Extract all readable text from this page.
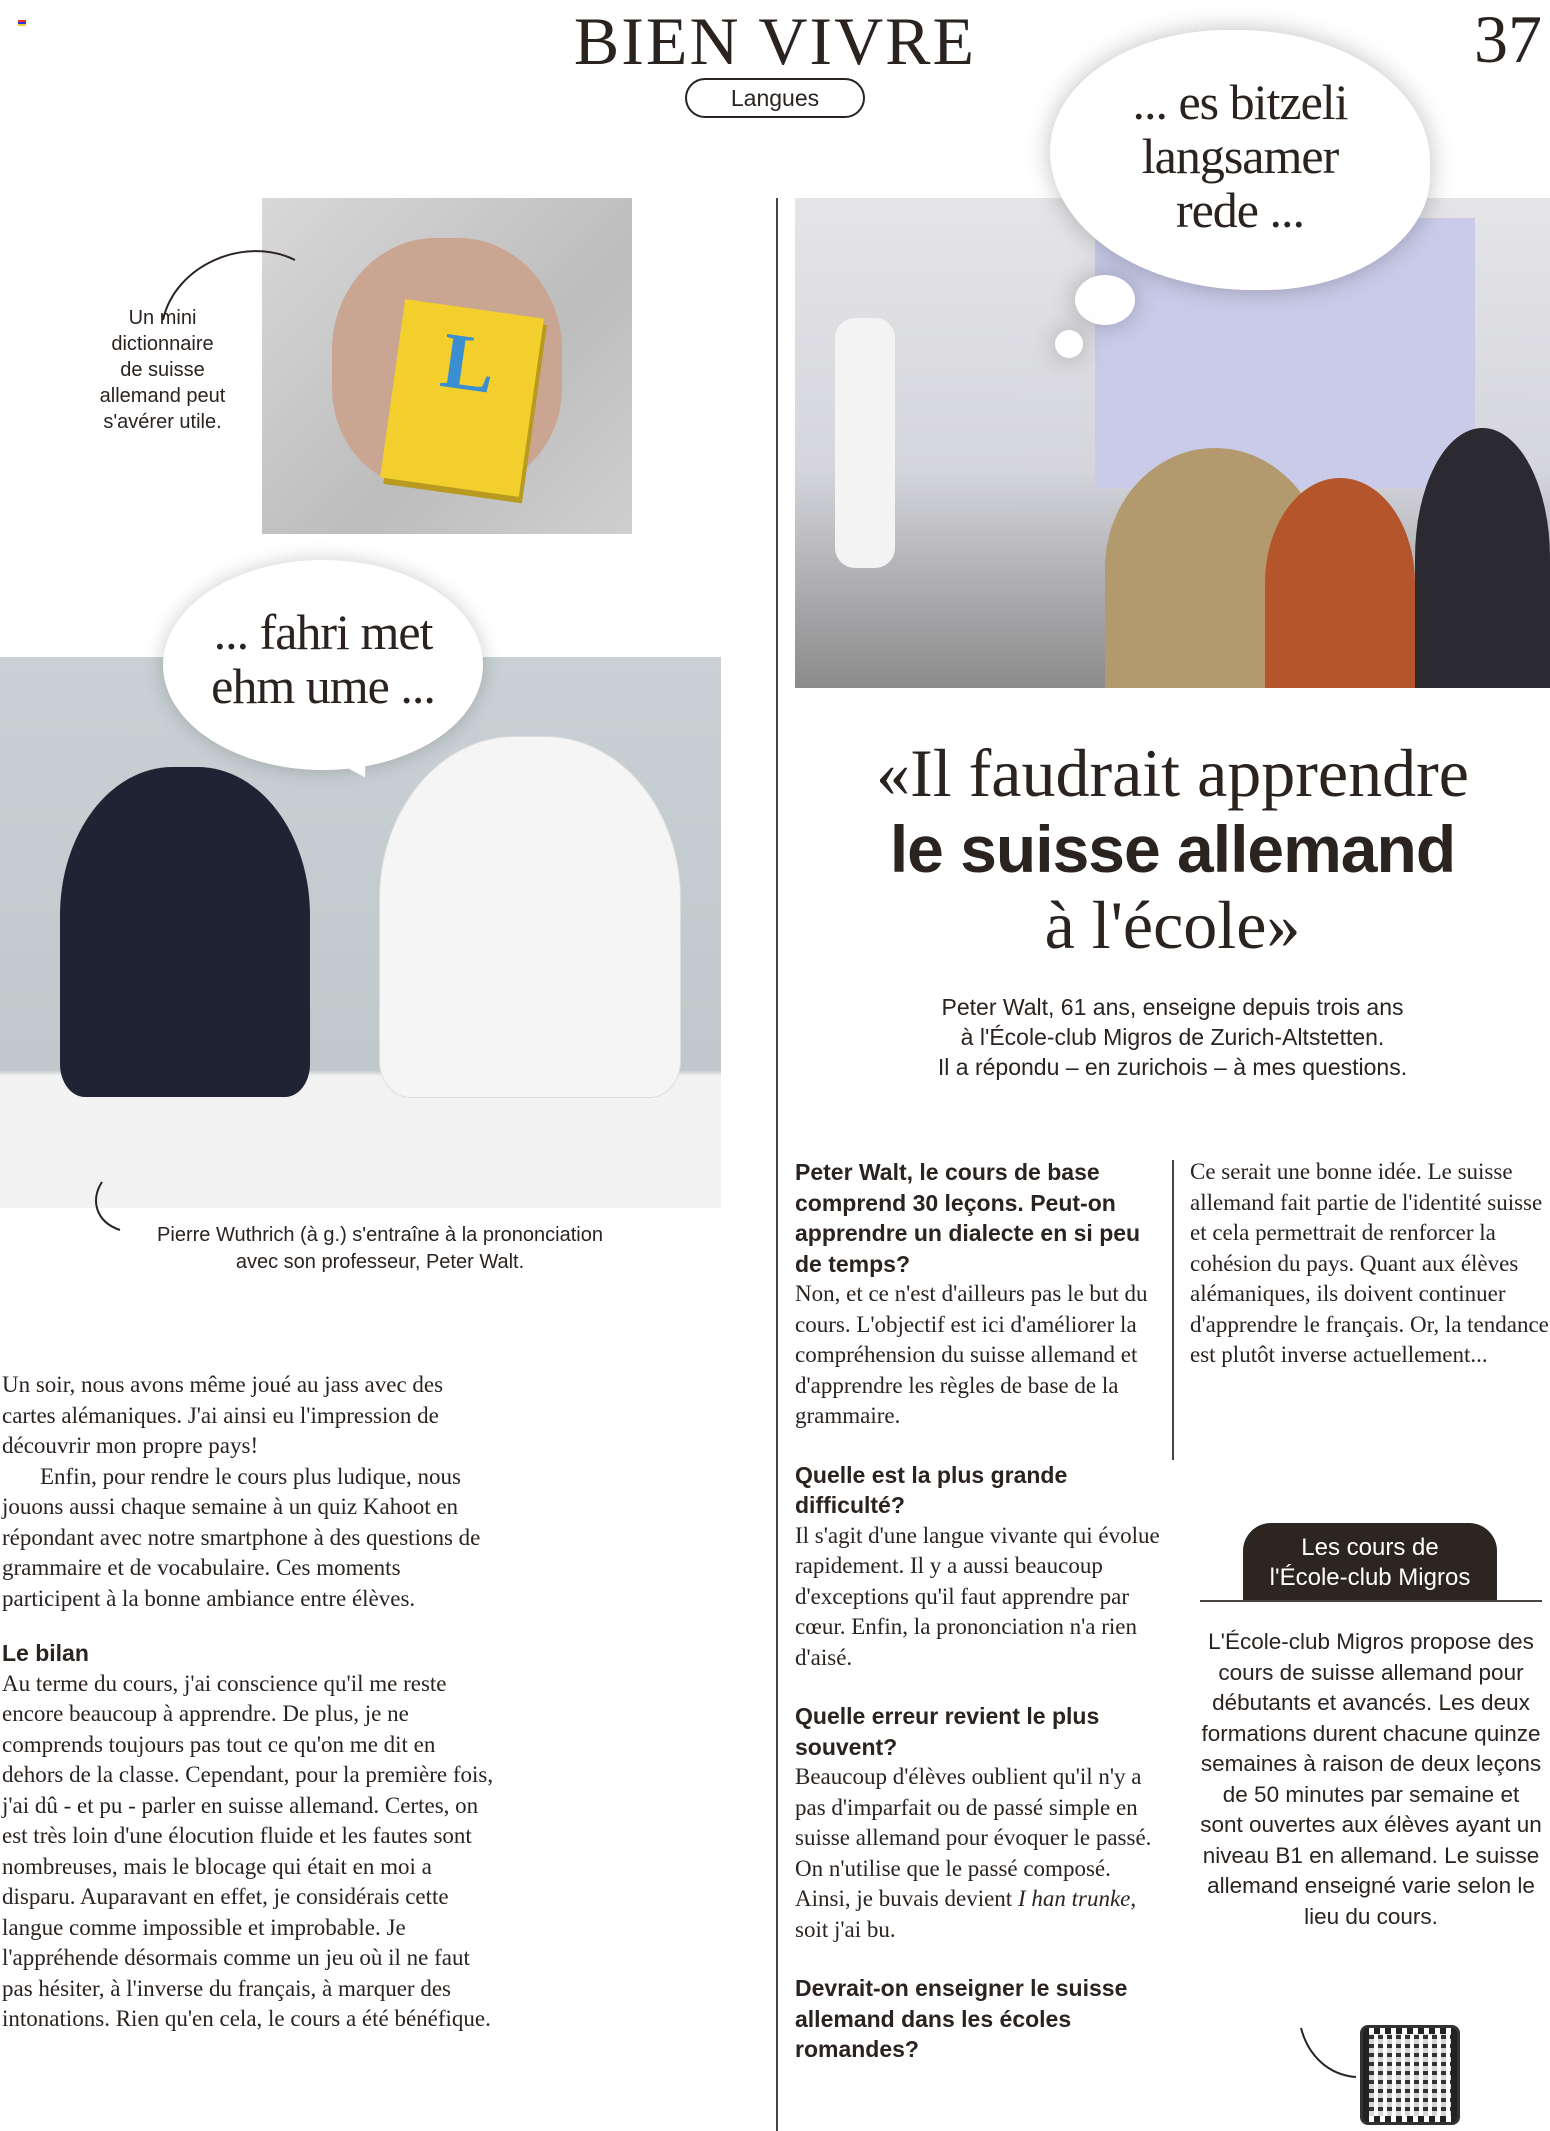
BIEN VIVRE	37
Langues
L
Un mini
dictionnaire
de suisse
allemand peut
s'avérer utile.
... es bitzeli
langsamer
rede ...
... fahri met
ehm ume ...
Pierre Wuthrich (à g.) s'entraîne à la prononciation
avec son professeur, Peter Walt.
«Il faudrait apprendre
le suisse allemand
à l'école»
Peter Walt, 61 ans, enseigne depuis trois ans
à l'École-club Migros de Zurich-Altstetten.
Il a répondu – en zurichois – à mes questions.

Un soir, nous avons même joué au jass avec des cartes alémaniques. J'ai ainsi eu l'impression de découvrir mon propre pays!

Enfin, pour rendre le cours plus ludique, nous jouons aussi chaque semaine à un quiz Kahoot en répondant avec notre smartphone à des questions de grammaire et de vocabulaire. Ces moments participent à la bonne ambiance entre élèves.

Le bilan

Au terme du cours, j'ai conscience qu'il me reste encore beaucoup à apprendre. De plus, je ne comprends toujours pas tout ce qu'on me dit en dehors de la classe. Cependant, pour la première fois, j'ai dû - et pu - parler en suisse allemand. Certes, on est très loin d'une élocution fluide et les fautes sont nombreuses, mais le blocage qui était en moi a disparu. Auparavant en effet, je considérais cette langue comme impossible et improbable. Je l'appréhende désormais comme un jeu où il ne faut pas hésiter, à l'inverse du français, à marquer des intonations. Rien qu'en cela, le cours a été bénéfique.

Peter Walt, le cours de base comprend 30 leçons. Peut-on apprendre un dialecte en si peu de temps?

Non, et ce n'est d'ailleurs pas le but du cours. L'objectif est ici d'améliorer la compréhension du suisse allemand et d'apprendre les règles de base de la grammaire.

Quelle est la plus grande difficulté?

Il s'agit d'une langue vivante qui évolue rapidement. Il y a aussi beaucoup d'exceptions qu'il faut apprendre par cœur. Enfin, la prononciation n'a rien d'aisé.

Quelle erreur revient le plus souvent?

Beaucoup d'élèves oublient qu'il n'y a pas d'imparfait ou de passé simple en suisse allemand pour évoquer le passé. On n'utilise que le passé composé. Ainsi, je buvais devient I han trunke, soit j'ai bu.

Devrait-on enseigner le suisse allemand dans les écoles romandes?

Ce serait une bonne idée. Le suisse allemand fait partie de l'identité suisse et cela permettrait de renforcer la cohésion du pays. Quant aux élèves alémaniques, ils doivent continuer d'apprendre le français. Or, la tendance est plutôt inverse actuellement...

Les cours de
l'École-club Migros
L'École-club Migros propose des cours de suisse allemand pour débutants et avancés. Les deux formations durent chacune quinze semaines à raison de deux leçons de 50 minutes par semaine et sont ouvertes aux élèves ayant un niveau B1 en allemand. Le suisse allemand enseigné varie selon le lieu du cours.
